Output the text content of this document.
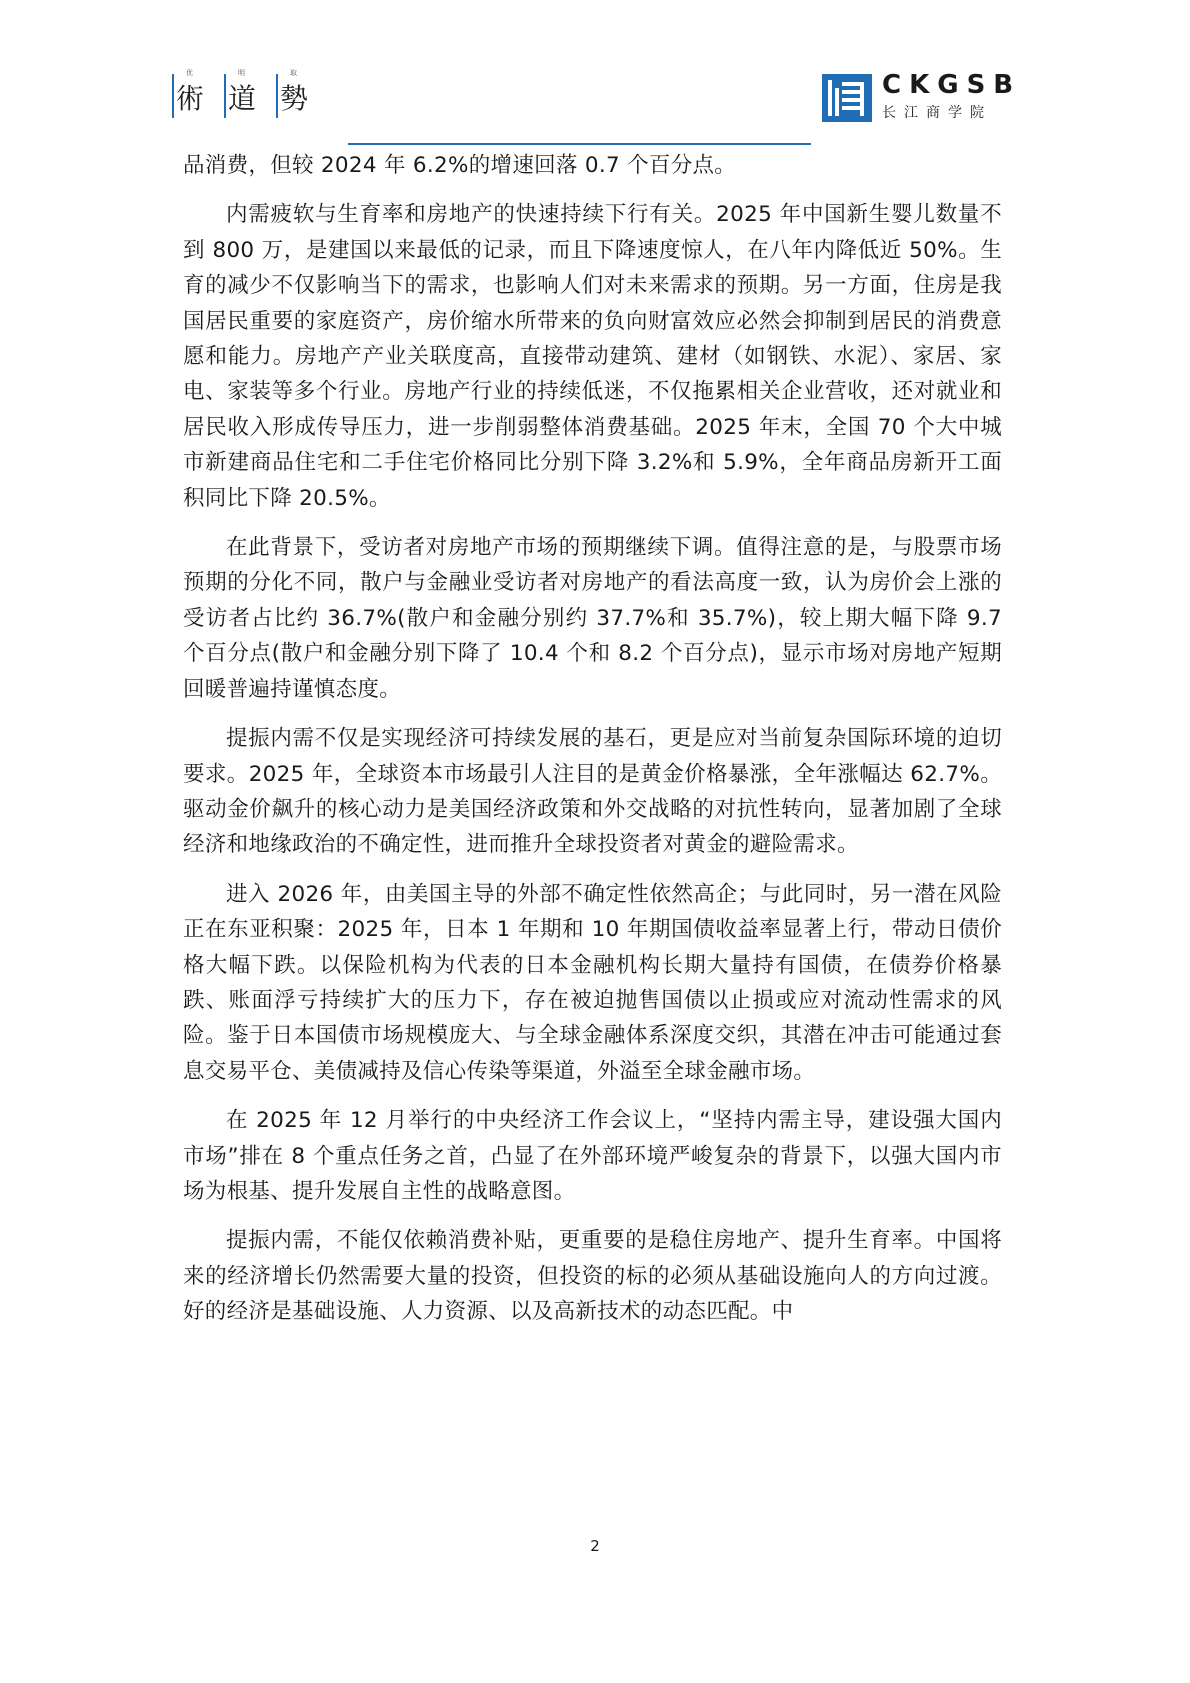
优
術
明
道
取
勢	CKGSB
长江商学院

品消费，但较 2024 年 6.2%的增速回落 0.7 个百分点。

内需疲软与生育率和房地产的快速持续下行有关。2025 年中国新生婴儿数量不到 800 万，是建国以来最低的记录，而且下降速度惊人，在八年内降低近 50%。生育的减少不仅影响当下的需求，也影响人们对未来需求的预期。另一方面，住房是我国居民重要的家庭资产，房价缩水所带来的负向财富效应必然会抑制到居民的消费意愿和能力。房地产产业关联度高，直接带动建筑、建材（如钢铁、水泥）、家居、家电、家装等多个行业。房地产行业的持续低迷，不仅拖累相关企业营收，还对就业和居民收入形成传导压力，进一步削弱整体消费基础。2025 年末，全国 70 个大中城市新建商品住宅和二手住宅价格同比分别下降 3.2%和 5.9%，全年商品房新开工面积同比下降 20.5%。

在此背景下，受访者对房地产市场的预期继续下调。值得注意的是，与股票市场预期的分化不同，散户与金融业受访者对房地产的看法高度一致，认为房价会上涨的受访者占比约 36.7%(散户和金融分别约 37.7%和 35.7%)，较上期大幅下降 9.7 个百分点(散户和金融分别下降了 10.4 个和 8.2 个百分点)，显示市场对房地产短期回暖普遍持谨慎态度。

提振内需不仅是实现经济可持续发展的基石，更是应对当前复杂国际环境的迫切要求。2025 年，全球资本市场最引人注目的是黄金价格暴涨，全年涨幅达 62.7%。驱动金价飙升的核心动力是美国经济政策和外交战略的对抗性转向，显著加剧了全球经济和地缘政治的不确定性，进而推升全球投资者对黄金的避险需求。

进入 2026 年，由美国主导的外部不确定性依然高企；与此同时，另一潜在风险正在东亚积聚：2025 年，日本 1 年期和 10 年期国债收益率显著上行，带动日债价格大幅下跌。以保险机构为代表的日本金融机构长期大量持有国债，在债券价格暴跌、账面浮亏持续扩大的压力下，存在被迫抛售国债以止损或应对流动性需求的风险。鉴于日本国债市场规模庞大、与全球金融体系深度交织，其潜在冲击可能通过套息交易平仓、美债减持及信心传染等渠道，外溢至全球金融市场。

在 2025 年 12 月举行的中央经济工作会议上，“坚持内需主导，建设强大国内市场”排在 8 个重点任务之首，凸显了在外部环境严峻复杂的背景下，以强大国内市场为根基、提升发展自主性的战略意图。

提振内需，不能仅依赖消费补贴，更重要的是稳住房地产、提升生育率。中国将来的经济增长仍然需要大量的投资，但投资的标的必须从基础设施向人的方向过渡。好的经济是基础设施、人力资源、以及高新技术的动态匹配。中

2
